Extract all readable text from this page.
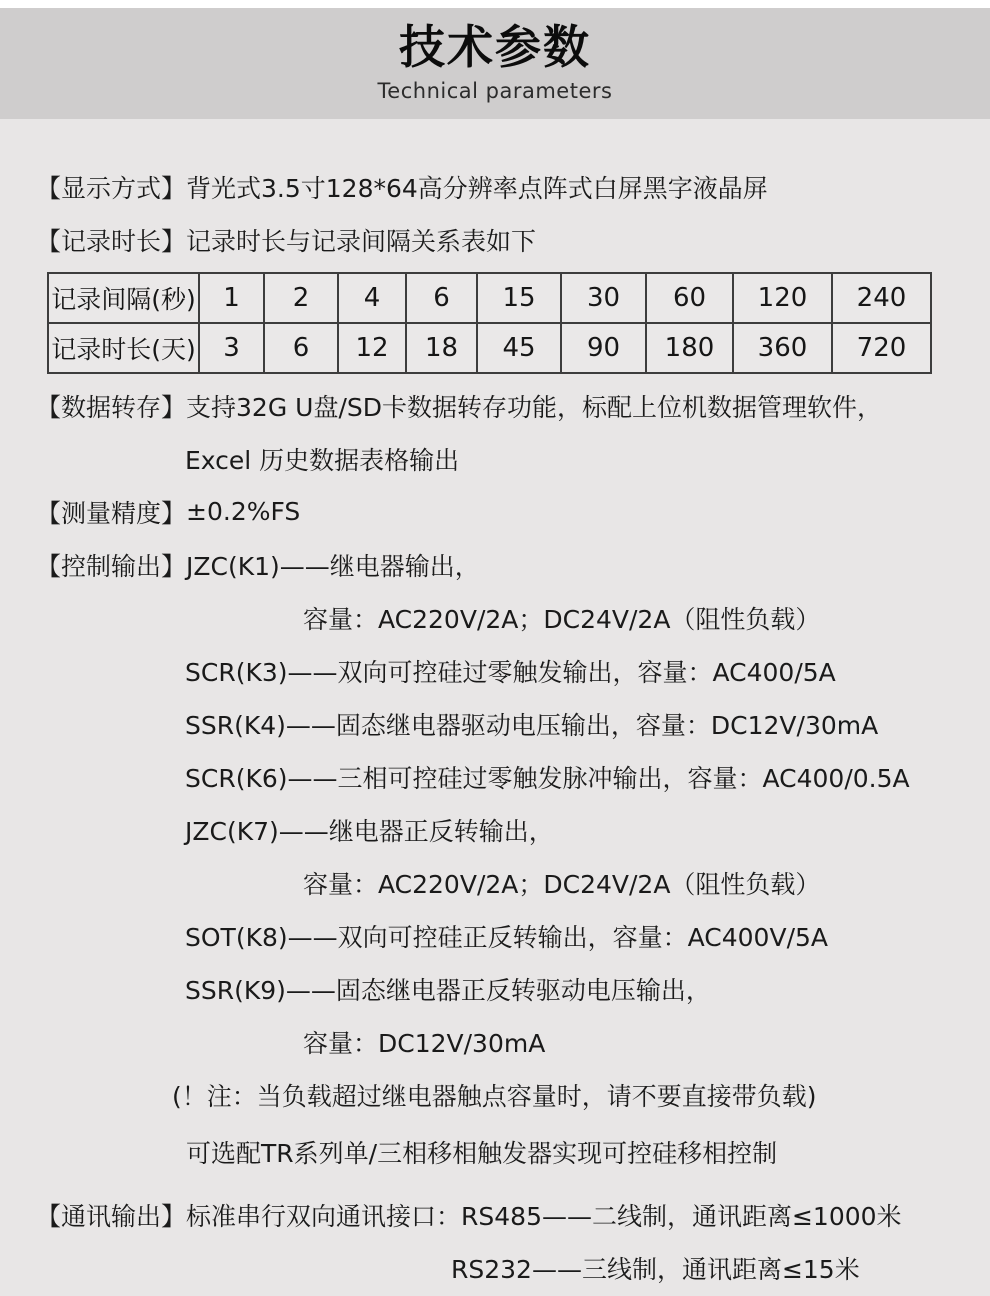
技术参数
Technical parameters
【显示方式】 背光式3.5寸128*64高分辨率点阵式白屏黑字液晶屏
【记录时长】 记录时长与记录间隔关系表如下
记录间隔(秒)	1	2	4	6	15	30	60	120	240
记录时长(天)	3	6	12	18	45	90	180	360	720
【数据转存】 支持32G U盘/SD卡数据转存功能，标配上位机数据管理软件，
Excel 历史数据表格输出
【测量精度】 ±0.2%FS
【控制输出】 JZC(K1)——继电器输出，
容量：AC220V/2A；DC24V/2A（阻性负载）
SCR(K3)——双向可控硅过零触发输出，容量：AC400/5A
SSR(K4)——固态继电器驱动电压输出，容量：DC12V/30mA
SCR(K6)——三相可控硅过零触发脉冲输出，容量：AC400/0.5A
JZC(K7)——继电器正反转输出，
容量：AC220V/2A；DC24V/2A（阻性负载）
SOT(K8)——双向可控硅正反转输出，容量：AC400V/5A
SSR(K9)——固态继电器正反转驱动电压输出，
容量：DC12V/30mA
(！注：当负载超过继电器触点容量时，请不要直接带负载)
可选配TR系列单/三相移相触发器实现可控硅移相控制
【通讯输出】 标准串行双向通讯接口：RS485——二线制，通讯距离≤1000米
RS232——三线制，通讯距离≤15米
